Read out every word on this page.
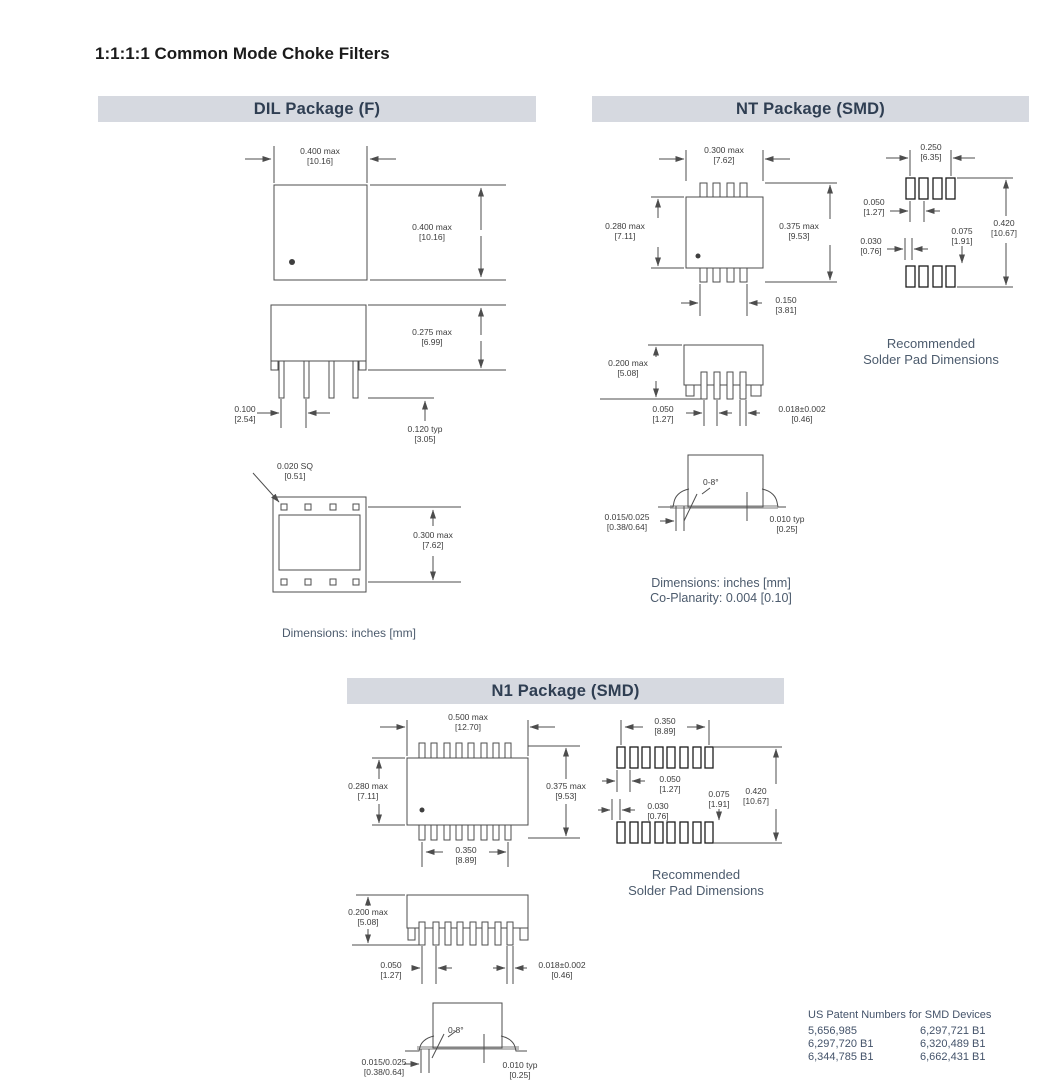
1:1:1:1 Common Mode Choke Filters
DIL Package (F)	NT Package (SMD)
N1 Package (SMD)
0.400 max
[10.16]
0.400 max
[10.16]
0.275 max
[6.99]
0.100
[2.54]
0.120 typ
[3.05]
0.020 SQ
[0.51]
0.300 max
[7.62]
Dimensions: inches [mm]
0.300 max
[7.62]
0.280 max
[7.11]
0.375 max
[9.53]
0.150
[3.81]
0.250
[6.35]
0.050
[1.27]
0.030
[0.76]
0.075
[1.91]
0.420
[10.67]
Recommended
Solder Pad Dimensions
0.200 max
[5.08]
0.050
[1.27]
0.018±0.002
[0.46]
0-8°
0.015/0.025
[0.38/0.64]
0.010 typ
[0.25]
Dimensions: inches [mm]
Co-Planarity: 0.004 [0.10]
0.500 max
[12.70]
0.280 max
[7.11]
0.375 max
[9.53]
0.350
[8.89]
0.350
[8.89]
0.050
[1.27]
0.030
[0.76]
0.075
[1.91]
0.420
[10.67]
Recommended
Solder Pad Dimensions
0.200 max
[5.08]
0.050
[1.27]
0.018±0.002
[0.46]
0-8°
0.015/0.025
[0.38/0.64]
0.010 typ
[0.25]
US Patent Numbers for SMD Devices
5,656,985	6,297,721 B1
6,297,720 B1	6,320,489 B1
6,344,785 B1	6,662,431 B1
